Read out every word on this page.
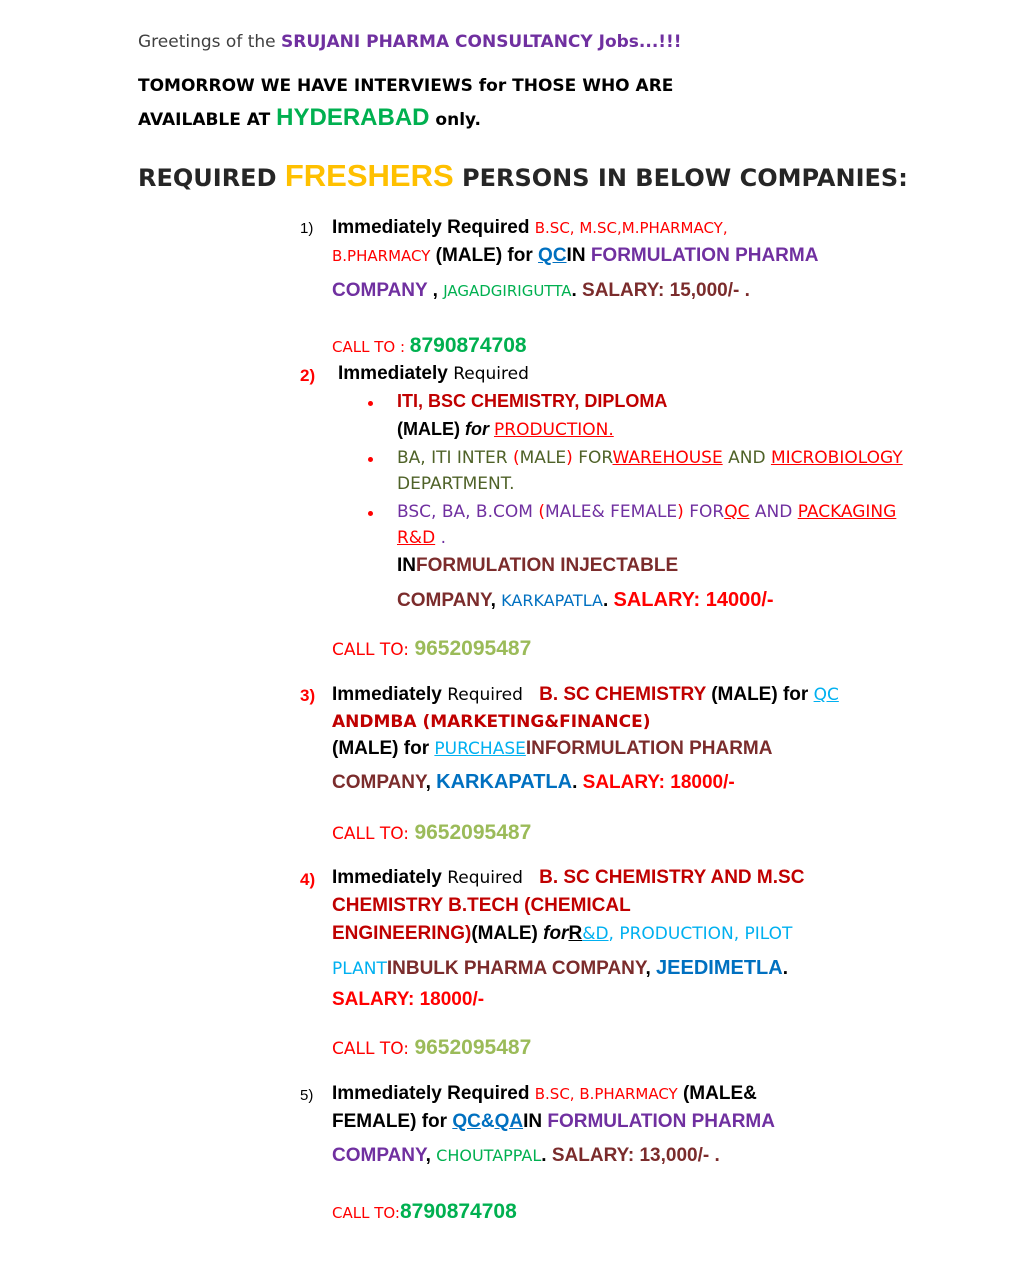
Greetings of the SRUJANI PHARMA CONSULTANCY Jobs...!!!
TOMORROW WE HAVE INTERVIEWS for THOSE WHO ARE
AVAILABLE AT HYDERABAD only.
REQUIRED FRESHERS PERSONS IN BELOW COMPANIES:
1) Immediately Required B.SC, M.SC,M.PHARMACY,
B.PHARMACY (MALE) for QCIN FORMULATION PHARMA
COMPANY , JAGADGIRIGUTTA. SALARY: 15,000/- .
CALL TO : 8790874708
2) Immediately Required
ITI, BSC CHEMISTRY, DIPLOMA
(MALE) for PRODUCTION.
BA, ITI INTER (MALE) FORWAREHOUSE AND MICROBIOLOGY
DEPARTMENT.
BSC, BA, B.COM (MALE& FEMALE) FORQC AND PACKAGING
R&D .
INFORMULATION INJECTABLE
COMPANY, KARKAPATLA. SALARY: 14000/-
CALL TO: 9652095487
3) Immediately Required   B. SC CHEMISTRY (MALE) for QC
ANDMBA (MARKETING&FINANCE)
(MALE) for PURCHASEINFORMULATION PHARMA
COMPANY, KARKAPATLA. SALARY: 18000/-
CALL TO: 9652095487
4) Immediately Required   B. SC CHEMISTRY AND M.SC
CHEMISTRY B.TECH (CHEMICAL
ENGINEERING)(MALE) forR&D, PRODUCTION, PILOT
PLANTINBULK PHARMA COMPANY, JEEDIMETLA.
SALARY: 18000/-
CALL TO: 9652095487
5) Immediately Required B.SC, B.PHARMACY (MALE&
FEMALE) for QC&QAIN FORMULATION PHARMA
COMPANY, CHOUTAPPAL. SALARY: 13,000/- .
CALL TO:8790874708
